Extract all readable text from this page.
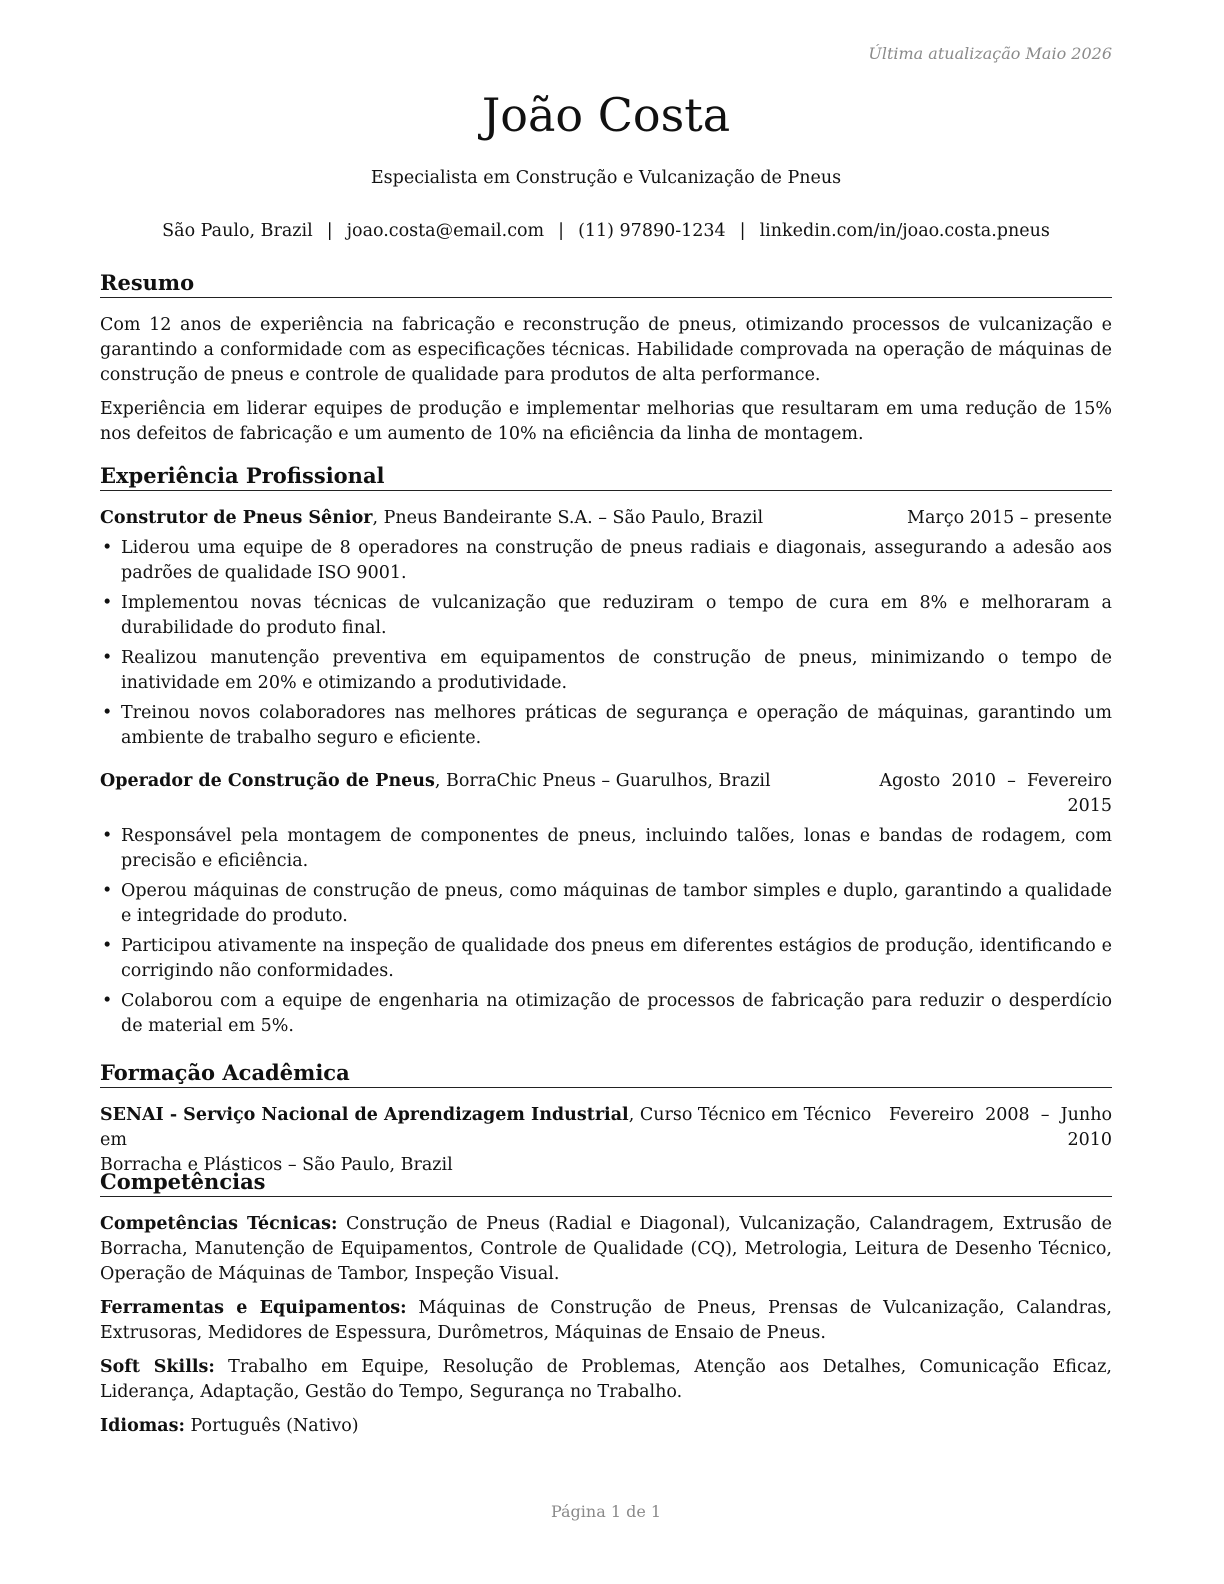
Última atualização Maio 2026
João Costa
Especialista em Construção e Vulcanização de Pneus
São Paulo, Brazil | joao.costa@email.com | (11) 97890-1234 | linkedin.com/in/joao.costa.pneus
Resumo

Com 12 anos de experiência na fabricação e reconstrução de pneus, otimizando processos de vulcanização e garantindo a conformidade com as especificações técnicas. Habilidade comprovada na operação de máquinas de construção de pneus e controle de qualidade para produtos de alta performance.

Experiência em liderar equipes de produção e implementar melhorias que resultaram em uma redução de 15% nos defeitos de fabricação e um aumento de 10% na eficiência da linha de montagem.

Experiência Profissional
Construtor de Pneus Sênior, Pneus Bandeirante S.A. – São Paulo, Brazil	Março 2015 – presente
• Liderou uma equipe de 8 operadores na construção de pneus radiais e diagonais, assegurando a adesão aos padrões de qualidade ISO 9001.
• Implementou novas técnicas de vulcanização que reduziram o tempo de cura em 8% e melhoraram a durabilidade do produto final.
• Realizou manutenção preventiva em equipamentos de construção de pneus, minimizando o tempo de inatividade em 20% e otimizando a produtividade.
• Treinou novos colaboradores nas melhores práticas de segurança e operação de máquinas, garantindo um ambiente de trabalho seguro e eficiente.
Operador de Construção de Pneus, BorraChic Pneus – Guarulhos, Brazil	Agosto  2010  –  Fevereiro
2015
• Responsável pela montagem de componentes de pneus, incluindo talões, lonas e bandas de rodagem, com precisão e eficiência.
• Operou máquinas de construção de pneus, como máquinas de tambor simples e duplo, garantindo a qualidade e integridade do produto.
• Participou ativamente na inspeção de qualidade dos pneus em diferentes estágios de produção, identificando e corrigindo não conformidades.
• Colaborou com a equipe de engenharia na otimização de processos de fabricação para reduzir o desperdício de material em 5%.
Formação Acadêmica
SENAI - Serviço Nacional de Aprendizagem Industrial, Curso Técnico em Técnico em
Borracha e Plásticos – São Paulo, Brazil
Fevereiro  2008  –  Junho
2010
Competências

Competências Técnicas: Construção de Pneus (Radial e Diagonal), Vulcanização, Calandragem, Extrusão de Borracha, Manutenção de Equipamentos, Controle de Qualidade (CQ), Metrologia, Leitura de Desenho Técnico, Operação de Máquinas de Tambor, Inspeção Visual.

Ferramentas e Equipamentos: Máquinas de Construção de Pneus, Prensas de Vulcanização, Calandras, Extrusoras, Medidores de Espessura, Durômetros, Máquinas de Ensaio de Pneus.

Soft Skills: Trabalho em Equipe, Resolução de Problemas, Atenção aos Detalhes, Comunicação Eficaz, Liderança, Adaptação, Gestão do Tempo, Segurança no Trabalho.

Idiomas: Português (Nativo)

Página 1 de 1
